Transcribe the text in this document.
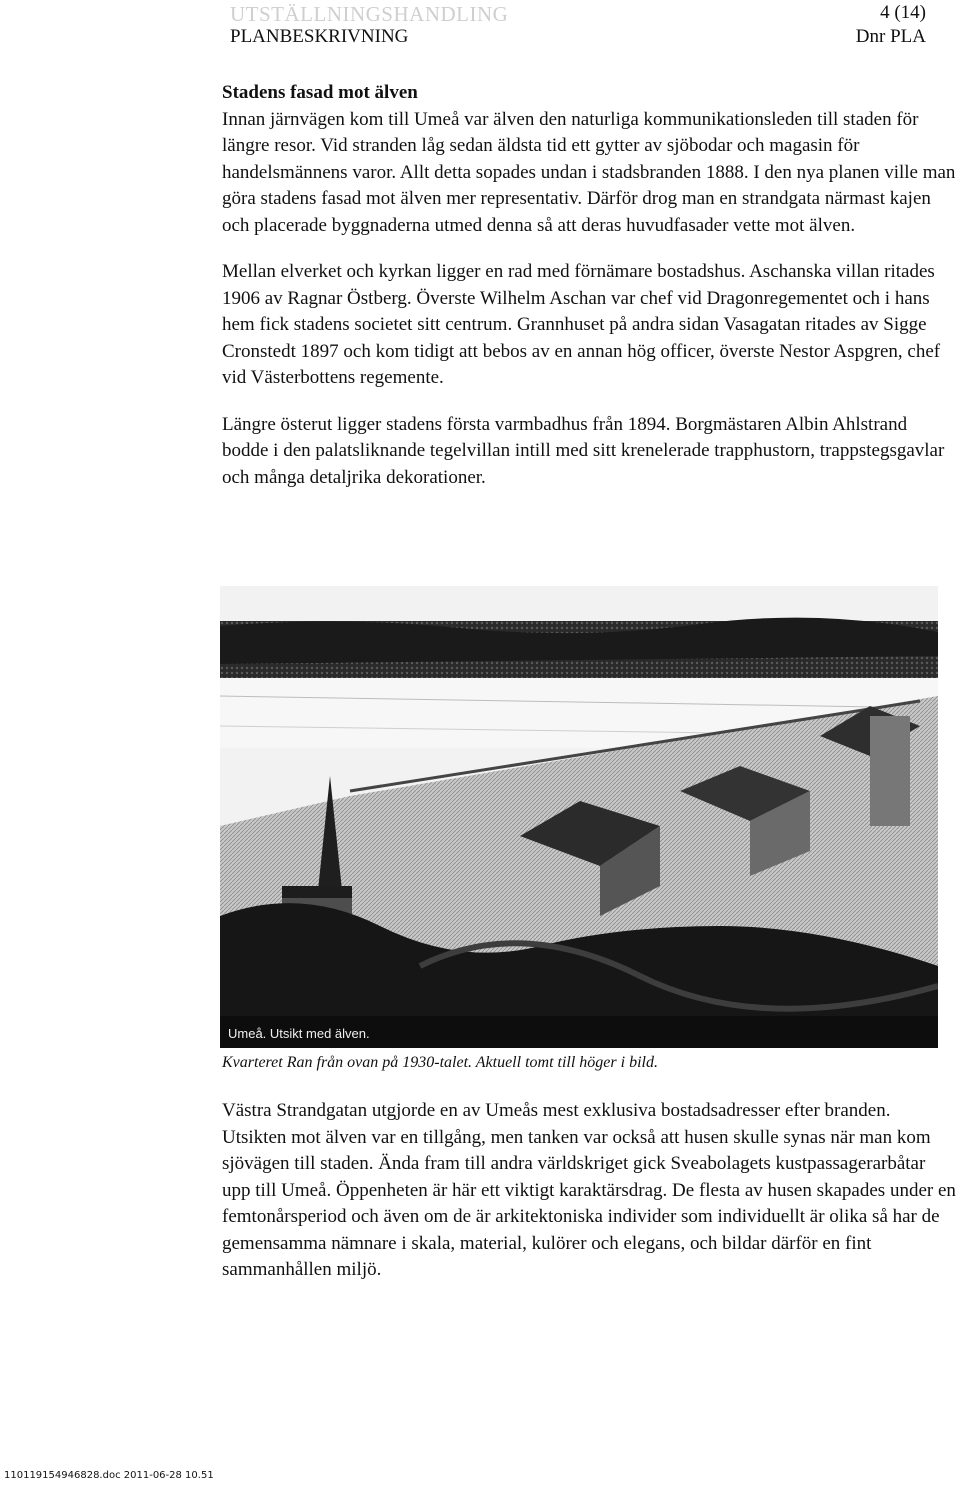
UTSTÄLLNINGSHANDLING
PLANBESKRIVNING
4 (14)
Dnr PLA
Stadens fasad mot älven

Innan järnvägen kom till Umeå var älven den naturliga kommunikationsleden till staden för längre resor. Vid stranden låg sedan äldsta tid ett gytter av sjöbodar och magasin för handelsmännens varor. Allt detta sopades undan i stadsbranden 1888. I den nya planen ville man göra stadens fasad mot älven mer representativ. Därför drog man en strandgata närmast kajen och placerade byggnaderna utmed denna så att deras huvudfasader vette mot älven.

Mellan elverket och kyrkan ligger en rad med förnämare bostadshus. Aschanska villan ritades 1906 av Ragnar Östberg. Överste Wilhelm Aschan var chef vid Dragonregementet och i hans hem fick stadens societet sitt centrum. Grannhuset på andra sidan Vasagatan ritades av Sigge Cronstedt 1897 och kom tidigt att bebos av en annan hög officer, överste Nestor Aspgren, chef vid Västerbottens regemente.

Längre österut ligger stadens första varmbadhus från 1894. Borgmästaren Albin Ahlstrand bodde i den palatsliknande tegelvillan intill med sitt krenelerade trapphustorn, trappstegsgavlar och många detaljrika dekorationer.

Umeå. Utsikt med älven.
Kvarteret Ran från ovan på 1930-talet. Aktuell tomt till höger i bild.

Västra Strandgatan utgjorde en av Umeås mest exklusiva bostadsadresser efter branden. Utsikten mot älven var en tillgång, men tanken var också att husen skulle synas när man kom sjövägen till staden. Ända fram till andra världskriget gick Sveabolagets kustpassagerarbåtar upp till Umeå. Öppenheten är här ett viktigt karaktärsdrag. De flesta av husen skapades under en femtonårsperiod och även om de är arkitektoniska individer som individuellt är olika så har de gemensamma nämnare i skala, material, kulörer och elegans, och bildar därför en fint sammanhållen miljö.

110119154946828.doc 2011-06-28 10.51
